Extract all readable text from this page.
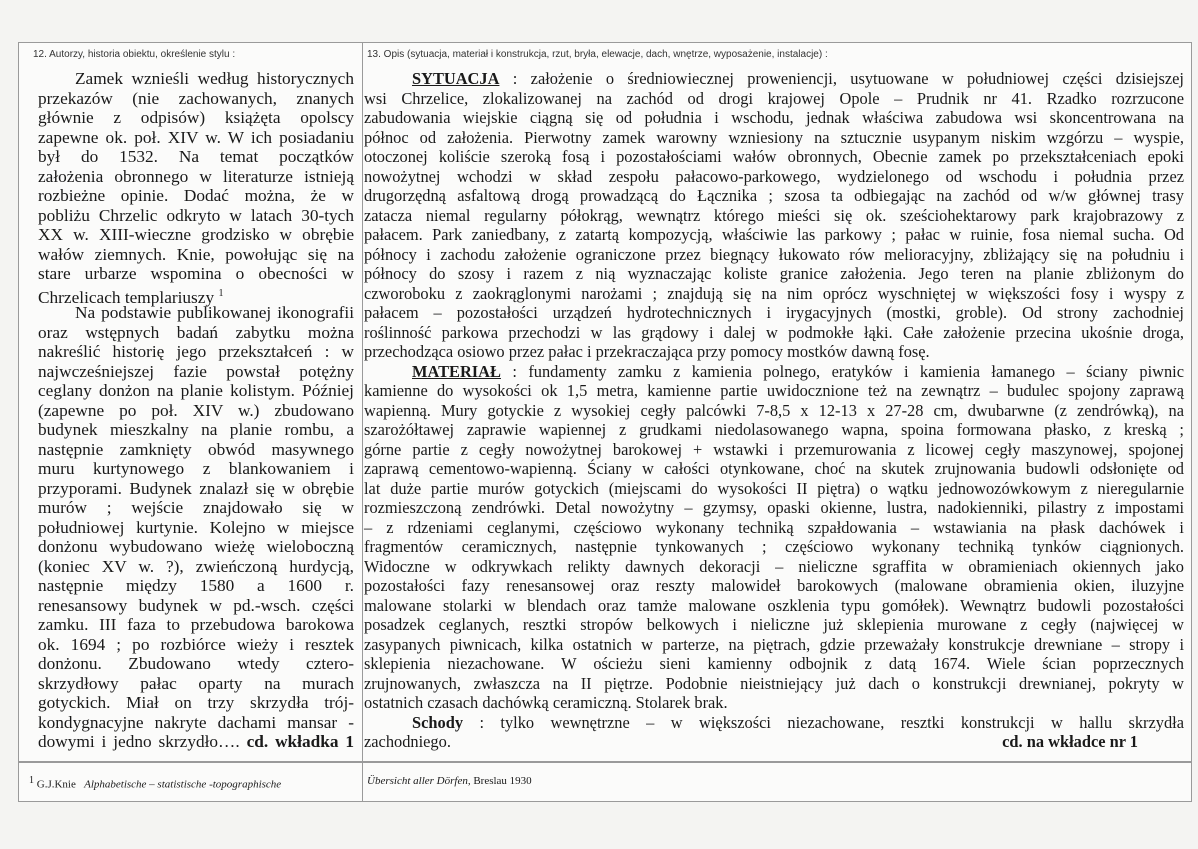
12. Autorzy, historia obiektu, określenie stylu :
Zamek wznieśli według historycznych
przekazów (nie zachowanych, znanych
głównie z odpisów) książęta opolscy
zapewne ok. poł. XIV w. W ich posiadaniu
był do 1532. Na temat początków
założenia obronnego w literaturze istnieją
rozbieżne opinie. Dodać można, że w
pobliżu Chrzelic odkryto w latach 30-tych
XX w. XIII-wieczne grodzisko w obrębie
wałów ziemnych. Knie, powołując się na
stare urbarze wspomina o obecności w
Chrzelicach templariuszy $^1$
Na podstawie publikowanej ikonografii
oraz wstępnych badań zabytku można
nakreślić historię jego przekształceń : w
najwcześniejszej fazie powstał potężny
ceglany donżon na planie kolistym. Później
(zapewne po poł. XIV w.) zbudowano
budynek mieszkalny na planie rombu, a
następnie zamknięty obwód masywnego
muru kurtynowego z blankowaniem i
przyporami. Budynek znalazł się w obrębie
murów ; wejście znajdowało się w
południowej kurtynie. Kolejno w miejsce
donżonu wybudowano wieżę wieloboczną
(koniec XV w. ?), zwieńczoną hurdycją,
następnie między 1580 a 1600 r.
renesansowy budynek w pd.-wsch. części
zamku. III faza to przebudowa barokowa
ok. 1694 ; po rozbiórce wieży i resztek
donżonu. Zbudowano wtedy cztero-
skrzydłowy pałac oparty na murach
gotyckich. Miał on trzy skrzydła trój-
kondygnacyjne nakryte dachami mansar -
dowymi i jedno skrzydło…. cd. wkładka 1
13. Opis (sytuacja, materiał i konstrukcja, rzut, bryła, elewacje, dach, wnętrze, wyposażenie, instalacje) :
SYTUACJA : założenie o średniowiecznej proweniencji, usytuowane w południowej części dzisiejszej
wsi Chrzelice, zlokalizowanej na zachód od drogi krajowej Opole – Prudnik nr 41. Rzadko rozrzucone
zabudowania wiejskie ciągną się od południa i wschodu, jednak właściwa zabudowa wsi skoncentrowana na
północ od założenia. Pierwotny zamek warowny wzniesiony na sztucznie usypanym niskim wzgórzu – wyspie,
otoczonej koliście szeroką fosą i pozostałościami wałów obronnych, Obecnie zamek po przekształceniach epoki
nowożytnej wchodzi w skład zespołu pałacowo-parkowego, wydzielonego od wschodu i południa przez
drugorzędną asfaltową drogą prowadzącą do Łącznika ; szosa ta odbiegając na zachód od w/w głównej trasy
zatacza niemal regularny półokrąg, wewnątrz którego mieści się ok. sześciohektarowy park krajobrazowy z
pałacem. Park zaniedbany, z zatartą kompozycją, właściwie las parkowy ; pałac w ruinie, fosa niemal sucha. Od
północy i zachodu założenie ograniczone przez biegnący łukowato rów melioracyjny, zbliżający się na południu i
północy do szosy i razem z nią wyznaczając koliste granice założenia. Jego teren na planie zbliżonym do
czworoboku z zaokrąglonymi narożami ; znajdują się na nim oprócz wyschniętej w większości fosy i wyspy z
pałacem – pozostałości urządzeń hydrotechnicznych i irygacyjnych (mostki, groble). Od strony zachodniej
roślinność parkowa przechodzi w las grądowy i dalej w podmokłe łąki. Całe założenie przecina ukośnie droga,
przechodząca osiowo przez pałac i przekraczająca przy pomocy mostków dawną fosę.
MATERIAŁ : fundamenty zamku z kamienia polnego, eratyków i kamienia łamanego – ściany piwnic
kamienne do wysokości ok 1,5 metra, kamienne partie uwidocznione też na zewnątrz – budulec spojony zaprawą
wapienną. Mury gotyckie z wysokiej cegły palcówki 7-8,5 x 12-13 x 27-28 cm, dwubarwne (z zendrówką), na
szarożółtawej zaprawie wapiennej z grudkami niedolasowanego wapna, spoina formowana płasko, z kreską ;
górne partie z cegły nowożytnej barokowej + wstawki i przemurowania z licowej cegły maszynowej, spojonej
zaprawą cementowo-wapienną. Ściany w całości otynkowane, choć na skutek zrujnowania budowli odsłonięte od
lat duże partie murów gotyckich (miejscami do wysokości II piętra) o wątku jednowozówkowym z nieregularnie
rozmieszczoną zendrówki. Detal nowożytny – gzymsy, opaski okienne, lustra, nadokienniki, pilastry z impostami
– z rdzeniami ceglanymi, częściowo wykonany techniką szpałdowania – wstawiania na płask dachówek i
fragmentów ceramicznych, następnie tynkowanych ; częściowo wykonany techniką tynków ciągnionych.
Widoczne w odkrywkach relikty dawnych dekoracji – nieliczne sgraffita w obramieniach okiennych jako
pozostałości fazy renesansowej oraz reszty malowideł barokowych (malowane obramienia okien, iluzyjne
malowane stolarki w blendach oraz tamże malowane oszklenia typu gomółek). Wewnątrz budowli pozostałości
posadzek ceglanych, resztki stropów belkowych i nieliczne już sklepienia murowane z cegły (najwięcej w
zasypanych piwnicach, kilka ostatnich w parterze, na piętrach, gdzie przeważały konstrukcje drewniane – stropy i
sklepienia niezachowane. W ościeżu sieni kamienny odbojnik z datą 1674. Wiele ścian poprzecznych
zrujnowanych, zwłaszcza na II piętrze. Podobnie nieistniejący już dach o konstrukcji drewnianej, pokryty w
ostatnich czasach dachówką ceramiczną. Stolarek brak.
Schody : tylko wewnętrzne – w większości niezachowane, resztki konstrukcji w hallu skrzydła
zachodniego.	cd. na wkładce nr 1
$^1$ G.J.Knie Alphabetische – statistische -topographische	Übersicht aller Dörfen, Breslau 1930
